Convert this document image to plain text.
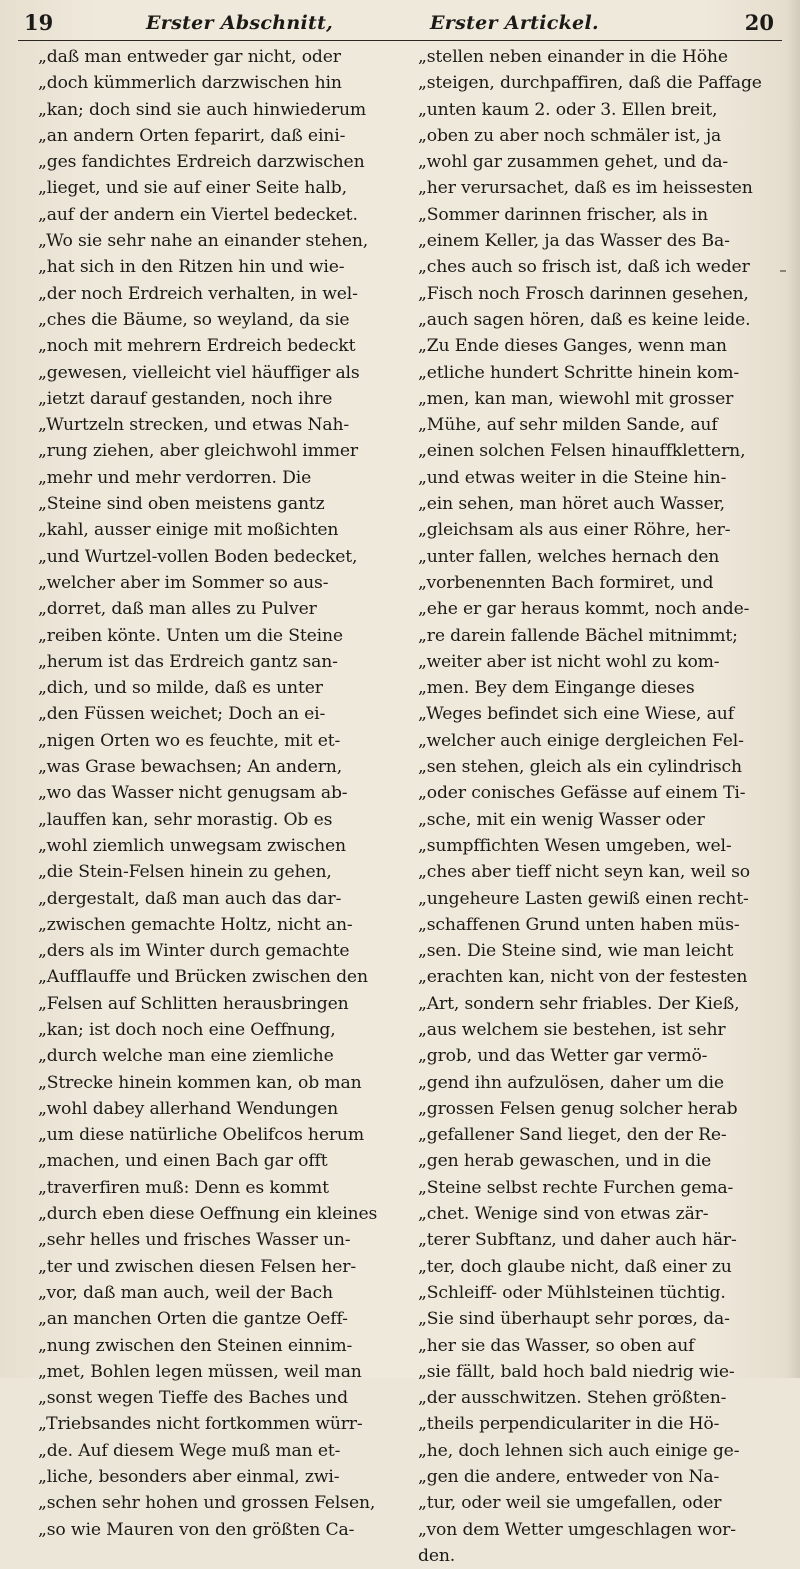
19	Erster Abschnitt,	Erster Artickel.	20
„daß man entweder gar nicht, oder
„doch kümmerlich darzwischen hin
„kan; doch sind sie auch hinwiederum
„an andern Orten feparirt, daß eini-
„ges fandichtes Erdreich darzwischen
„lieget, und sie auf einer Seite halb,
„auf der andern ein Viertel bedecket.
„Wo sie sehr nahe an einander stehen,
„hat sich in den Ritzen hin und wie-
„der noch Erdreich verhalten, in wel-
„ches die Bäume, so weyland, da sie
„noch mit mehrern Erdreich bedeckt
„gewesen, vielleicht viel häuffiger als
„ietzt darauf gestanden, noch ihre
„Wurtzeln strecken, und etwas Nah-
„rung ziehen, aber gleichwohl immer
„mehr und mehr verdorren. Die
„Steine sind oben meistens gantz
„kahl, ausser einige mit moßichten
„und Wurtzel-vollen Boden bedecket,
„welcher aber im Sommer so aus-
„dorret, daß man alles zu Pulver
„reiben könte. Unten um die Steine
„herum ist das Erdreich gantz san-
„dich, und so milde, daß es unter
„den Füssen weichet; Doch an ei-
„nigen Orten wo es feuchte, mit et-
„was Grase bewachsen; An andern,
„wo das Wasser nicht genugsam ab-
„lauffen kan, sehr morastig. Ob es
„wohl ziemlich unwegsam zwischen
„die Stein-Felsen hinein zu gehen,
„dergestalt, daß man auch das dar-
„zwischen gemachte Holtz, nicht an-
„ders als im Winter durch gemachte
„Aufflauffe und Brücken zwischen den
„Felsen auf Schlitten herausbringen
„kan; ist doch noch eine Oeffnung,
„durch welche man eine ziemliche
„Strecke hinein kommen kan, ob man
„wohl dabey allerhand Wendungen
„um diese natürliche Obelifcos herum
„machen, und einen Bach gar offt
„traverfiren muß: Denn es kommt
„durch eben diese Oeffnung ein kleines
„sehr helles und frisches Wasser un-
„ter und zwischen diesen Felsen her-
„vor, daß man auch, weil der Bach
„an manchen Orten die gantze Oeff-
„nung zwischen den Steinen einnim-
„met, Bohlen legen müssen, weil man
„sonst wegen Tieffe des Baches und
„Triebsandes nicht fortkommen würr-
„de. Auf diesem Wege muß man et-
„liche, besonders aber einmal, zwi-
„schen sehr hohen und grossen Felsen,
„so wie Mauren von den größten Ca-
„stellen neben einander in die Höhe
„steigen, durchpaffiren, daß die Paffage
„unten kaum 2. oder 3. Ellen breit,
„oben zu aber noch schmäler ist, ja
„wohl gar zusammen gehet, und da-
„her verursachet, daß es im heissesten
„Sommer darinnen frischer, als in
„einem Keller, ja das Wasser des Ba-
„ches auch so frisch ist, daß ich weder
„Fisch noch Frosch darinnen gesehen,
„auch sagen hören, daß es keine leide.
„Zu Ende dieses Ganges, wenn man
„etliche hundert Schritte hinein kom-
„men, kan man, wiewohl mit grosser
„Mühe, auf sehr milden Sande, auf
„einen solchen Felsen hinauffklettern,
„und etwas weiter in die Steine hin-
„ein sehen, man höret auch Wasser,
„gleichsam als aus einer Röhre, her-
„unter fallen, welches hernach den
„vorbenennten Bach formiret, und
„ehe er gar heraus kommt, noch ande-
„re darein fallende Bächel mitnimmt;
„weiter aber ist nicht wohl zu kom-
„men. Bey dem Eingange dieses
„Weges befindet sich eine Wiese, auf
„welcher auch einige dergleichen Fel-
„sen stehen, gleich als ein cylindrisch
„oder conisches Gefässe auf einem Ti-
„sche, mit ein wenig Wasser oder
„sumpffichten Wesen umgeben, wel-
„ches aber tieff nicht seyn kan, weil so
„ungeheure Lasten gewiß einen recht-
„schaffenen Grund unten haben müs-
„sen. Die Steine sind, wie man leicht
„erachten kan, nicht von der festesten
„Art, sondern sehr friables. Der Kieß,
„aus welchem sie bestehen, ist sehr
„grob, und das Wetter gar vermö-
„gend ihn aufzulösen, daher um die
„grossen Felsen genug solcher herab
„gefallener Sand lieget, den der Re-
„gen herab gewaschen, und in die
„Steine selbst rechte Furchen gema-
„chet. Wenige sind von etwas zär-
„terer Subftanz, und daher auch här-
„ter, doch glaube nicht, daß einer zu
„Schleiff- oder Mühlsteinen tüchtig.
„Sie sind überhaupt sehr porœs, da-
„her sie das Wasser, so oben auf
„sie fällt, bald hoch bald niedrig wie-
„der ausschwitzen. Stehen größten-
„theils perpendiculariter in die Hö-
„he, doch lehnen sich auch einige ge-
„gen die andere, entweder von Na-
„tur, oder weil sie umgefallen, oder
„von dem Wetter umgeschlagen wor-
den.
